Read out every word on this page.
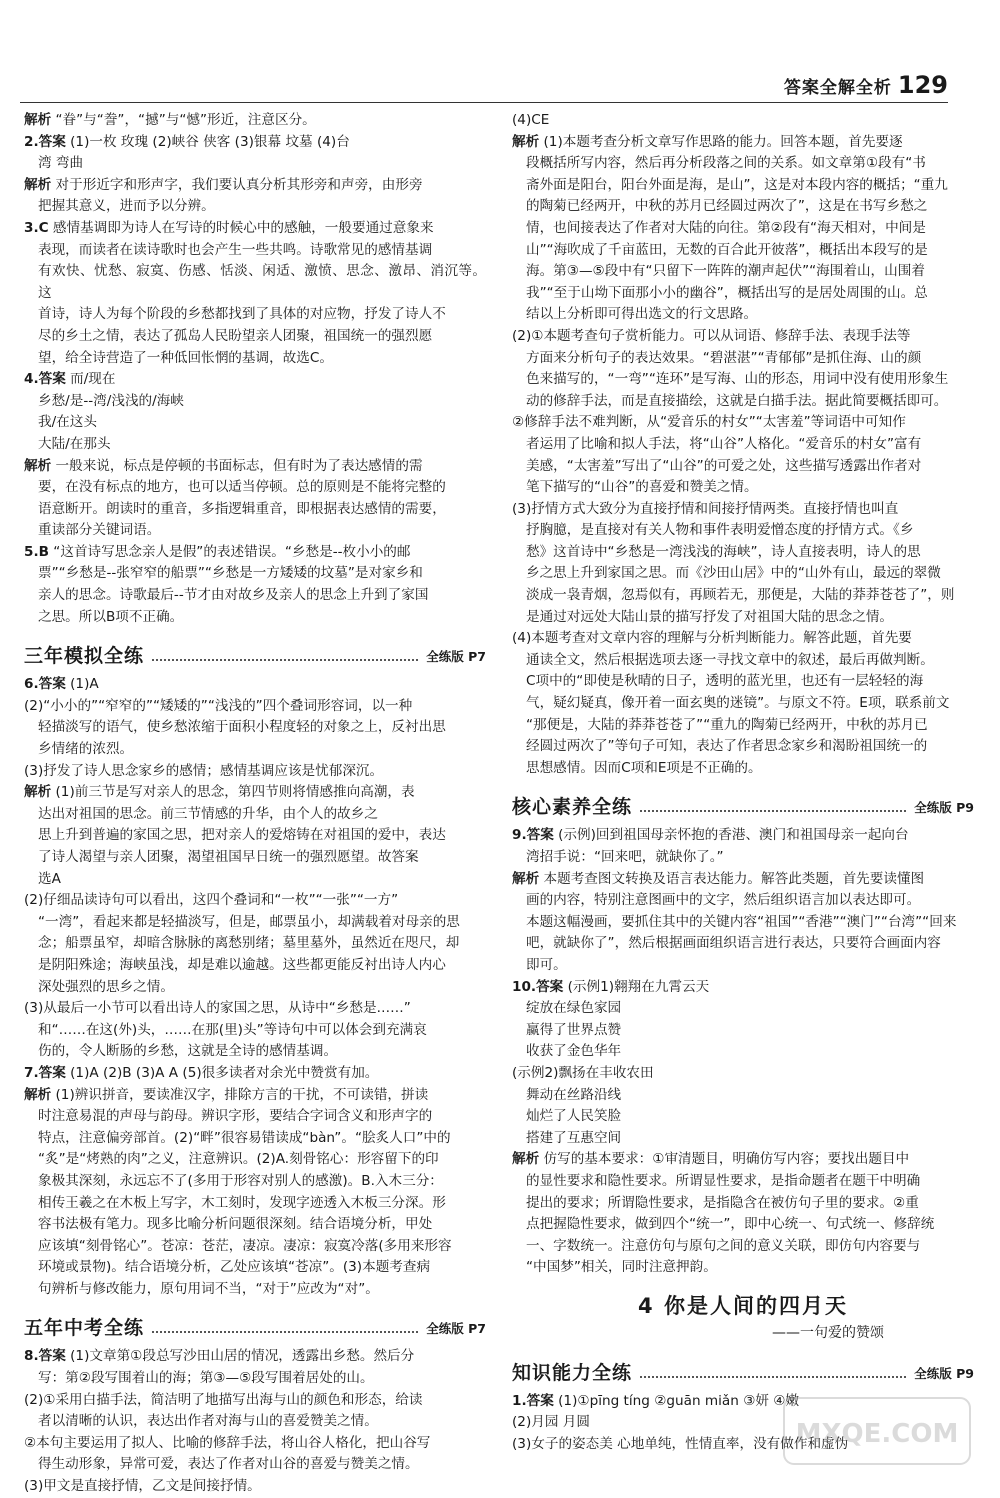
答案全解全析 129

解析 “眷”与“誊”，“撼”与“憾”形近，注意区分。

2.答案 (1)一枚 玫瑰 (2)峡谷 侠客 (3)银幕 坟墓 (4)台

湾 弯曲

解析 对于形近字和形声字，我们要认真分析其形旁和声旁，由形旁

把握其意义，进而予以分辨。

3.C 感情基调即为诗人在写诗的时候心中的感触，一般要通过意象来

表现，而读者在读诗歌时也会产生一些共鸣。诗歌常见的感情基调

有欢快、忧愁、寂寞、伤感、恬淡、闲适、激愤、思念、激昂、消沉等。这

首诗，诗人为每个阶段的乡愁都找到了具体的对应物，抒发了诗人不

尽的乡土之情，表达了孤岛人民盼望亲人团聚，祖国统一的强烈愿

望，给全诗营造了一种低回怅惘的基调，故选C。

4.答案 而/现在

乡愁/是--湾/浅浅的/海峡

我/在这头

大陆/在那头

解析 一般来说，标点是停顿的书面标志，但有时为了表达感情的需

要，在没有标点的地方，也可以适当停顿。总的原则是不能将完整的

语意断开。朗读时的重音，多指逻辑重音，即根据表达感情的需要，

重读部分关键词语。

5.B “这首诗写思念亲人是假”的表述错误。“乡愁是--枚小小的邮

票”“乡愁是--张窄窄的船票”“乡愁是一方矮矮的坟墓”是对家乡和

亲人的思念。诗歌最后--节才由对故乡及亲人的思念上升到了家国

之思。所以B项不正确。

三年模拟全练	全练版 P7

6.答案 (1)A

(2)“小小的”“窄窄的”“矮矮的”“浅浅的”四个叠词形容词，以一种

轻描淡写的语气，使乡愁浓缩于面积小程度轻的对象之上，反衬出思

乡情绪的浓烈。

(3)抒发了诗人思念家乡的感情；感情基调应该是忧郁深沉。

解析 (1)前三节是写对亲人的思念，第四节则将情感推向高潮，表

达出对祖国的思念。前三节情感的升华，由个人的故乡之

思上升到普遍的家国之思，把对亲人的爱熔铸在对祖国的爱中，表达

了诗人渴望与亲人团聚，渴望祖国早日统一的强烈愿望。故答案

选A

(2)仔细品读诗句可以看出，这四个叠词和“一枚”“一张”“一方”

“一湾”，看起来都是轻描淡写，但是，邮票虽小，却满载着对母亲的思

念；船票虽窄，却暗含脉脉的离愁别绪；墓里墓外，虽然近在咫尺，却

是阴阳殊途；海峡虽浅，却是难以逾越。这些都更能反衬出诗人内心

深处强烈的思乡之情。

(3)从最后一小节可以看出诗人的家国之思，从诗中“乡愁是……”

和“……在这(外)头，……在那(里)头”等诗句中可以体会到充满哀

伤的，令人断肠的乡愁，这就是全诗的感情基调。

7.答案 (1)A (2)B (3)A A (5)很多读者对余光中赞赏有加。

解析 (1)辨识拼音，要读准汉字，排除方言的干扰，不可读错，拼读

时注意易混的声母与韵母。辨识字形，要结合字词含义和形声字的

特点，注意偏旁部首。(2)“畔”很容易错读成“bàn”。“脍炙人口”中的

“炙”是“烤熟的肉”之义，注意辨识。(2)A.刻骨铭心：形容留下的印

象极其深刻，永远忘不了(多用于形容对别人的感激)。B.入木三分：

相传王羲之在木板上写字，木工刻时，发现字迹透入木板三分深。形

容书法极有笔力。现多比喻分析问题很深刻。结合语境分析，甲处

应该填“刻骨铭心”。苍凉：苍茫，凄凉。凄凉：寂寞冷落(多用来形容

环境或景物)。结合语境分析，乙处应该填“苍凉”。(3)本题考查病

句辨析与修改能力，原句用词不当，“对于”应改为“对”。

五年中考全练	全练版 P7

8.答案 (1)文章第①段总写沙田山居的情况，透露出乡愁。然后分

写：第②段写围着山的海；第③—⑤段写围着居处的山。

(2)①采用白描手法，简洁明了地描写出海与山的颜色和形态，给读

者以清晰的认识，表达出作者对海与山的喜爱赞美之情。

②本句主要运用了拟人、比喻的修辞手法，将山谷人格化，把山谷写

得生动形象，异常可爱，表达了作者对山谷的喜爱与赞美之情。

(3)甲文是直接抒情，乙文是间接抒情。

(4)CE

解析 (1)本题考查分析文章写作思路的能力。回答本题，首先要逐

段概括所写内容，然后再分析段落之间的关系。如文章第①段有“书

斋外面是阳台，阳台外面是海，是山”，这是对本段内容的概括；“重九

的陶菊已经两开，中秋的苏月已经圆过两次了”，这是在书写乡愁之

情，也间接表达了作者对大陆的向往。第②段有“海天相对，中间是

山”“海吹成了千亩蓝田，无数的百合此开彼落”，概括出本段写的是

海。第③—⑤段中有“只留下一阵阵的潮声起伏”“海围着山，山围着

我”“至于山坳下面那小小的幽谷”，概括出写的是居处周围的山。总

结以上分析即可得出选文的行文思路。

(2)①本题考查句子赏析能力。可以从词语、修辞手法、表现手法等

方面来分析句子的表达效果。“碧湛湛”“青郁郁”是抓住海、山的颜

色来描写的，“一弯”“连环”是写海、山的形态，用词中没有使用形象生

动的修辞手法，而是直接描绘，这就是白描手法。据此简要概括即可。

②修辞手法不难判断，从“爱音乐的村女”“太害羞”等词语中可知作

者运用了比喻和拟人手法，将“山谷”人格化。“爱音乐的村女”富有

美感，“太害羞”写出了“山谷”的可爱之处，这些描写透露出作者对

笔下描写的“山谷”的喜爱和赞美之情。

(3)抒情方式大致分为直接抒情和间接抒情两类。直接抒情也叫直

抒胸臆，是直接对有关人物和事件表明爱憎态度的抒情方式。《乡

愁》这首诗中“乡愁是一湾浅浅的海峡”，诗人直接表明，诗人的思

乡之思上升到家国之思。而《沙田山居》中的“山外有山，最远的翠微

淡成一袅青烟，忽焉似有，再顾若无，那便是，大陆的莽莽苍苍了”，则

是通过对远处大陆山景的描写抒发了对祖国大陆的思念之情。

(4)本题考查对文章内容的理解与分析判断能力。解答此题，首先要

通读全文，然后根据选项去逐一寻找文章中的叙述，最后再做判断。

C项中的“即使是秋晴的日子，透明的蓝光里，也还有一层轻轻的海

气，疑幻疑真，像开着一面玄奥的迷镜”。与原文不符。E项，联系前文

“那便是，大陆的莽莽苍苍了”“重九的陶菊已经两开，中秋的苏月已

经圆过两次了”等句子可知，表达了作者思念家乡和渴盼祖国统一的

思想感情。因而C项和E项是不正确的。

核心素养全练	全练版 P9

9.答案 (示例)回到祖国母亲怀抱的香港、澳门和祖国母亲一起向台

湾招手说：“回来吧，就缺你了。”

解析 本题考查图文转换及语言表达能力。解答此类题，首先要读懂图

画的内容，特别注意图画中的文字，然后组织语言加以表达即可。

本题这幅漫画，要抓住其中的关键内容“祖国”“香港”“澳门”“台湾”“回来

吧，就缺你了”，然后根据画面组织语言进行表达，只要符合画面内容

即可。

10.答案 (示例1)翱翔在九霄云天

绽放在绿色家园

赢得了世界点赞

收获了金色华年

(示例2)飘扬在丰收农田

舞动在丝路沿线

灿烂了人民笑脸

搭建了互惠空间

解析 仿写的基本要求：①审清题目，明确仿写内容；要找出题目中

的显性要求和隐性要求。所谓显性要求，是指命题者在题干中明确

提出的要求；所谓隐性要求，是指隐含在被仿句子里的要求。②重

点把握隐性要求，做到四个“统一”，即中心统一、句式统一、修辞统

一、字数统一。注意仿句与原句之间的意义关联，即仿句内容要与

“中国梦”相关，同时注意押韵。

4 你是人间的四月天
——一句爱的赞颂
知识能力全练	全练版 P9

1.答案 (1)①pīng tíng ②guān miǎn ③妍 ④嫩

(2)月园 月圆

(3)女子的姿态美 心地单纯，性情直率，没有做作和虚伪

MXQE.COM
